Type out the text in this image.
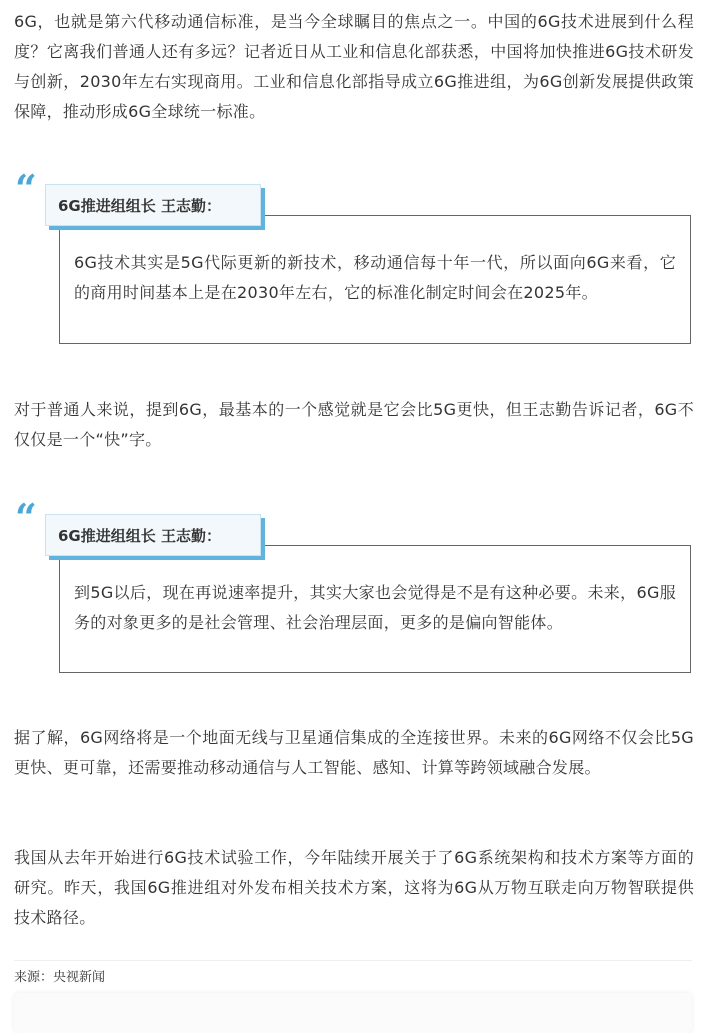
6G，也就是第六代移动通信标准，是当今全球瞩目的焦点之一。中国的6G技术进展到什么程度？它离我们普通人还有多远？记者近日从工业和信息化部获悉，中国将加快推进6G技术研发与创新，2030年左右实现商用。工业和信息化部指导成立6G推进组，为6G创新发展提供政策保障，推动形成6G全球统一标准。

“	6G推进组组长 王志勤：
6G技术其实是5G代际更新的新技术，移动通信每十年一代，所以面向6G来看，它的商用时间基本上是在2030年左右，它的标准化制定时间会在2025年。

对于普通人来说，提到6G，最基本的一个感觉就是它会比5G更快，但王志勤告诉记者，6G不仅仅是一个“快”字。

“	6G推进组组长 王志勤：
到5G以后，现在再说速率提升，其实大家也会觉得是不是有这种必要。未来，6G服务的对象更多的是社会管理、社会治理层面，更多的是偏向智能体。

据了解，6G网络将是一个地面无线与卫星通信集成的全连接世界。未来的6G网络不仅会比5G更快、更可靠，还需要推动移动通信与人工智能、感知、计算等跨领域融合发展。

我国从去年开始进行6G技术试验工作，今年陆续开展关于了6G系统架构和技术方案等方面的研究。昨天，我国6G推进组对外发布相关技术方案，这将为6G从万物互联走向万物智联提供技术路径。

来源：央视新闻
